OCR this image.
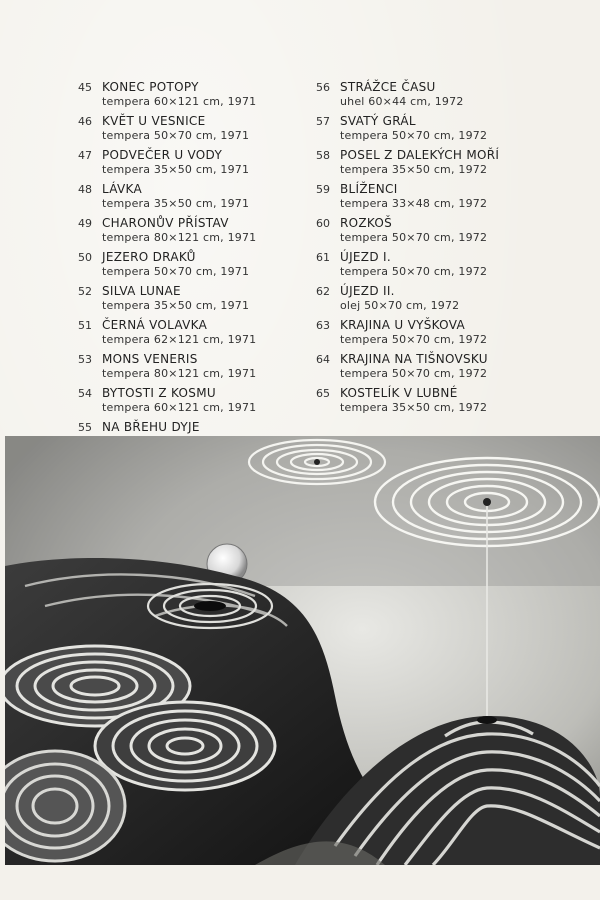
45 KONEC POTOPY
tempera 60×121 cm, 1971
46 KVĚT U VESNICE
tempera 50×70 cm, 1971
47 PODVEČER U VODY
tempera 35×50 cm, 1971
48 LÁVKA
tempera 35×50 cm, 1971
49 CHARONŮV PŘÍSTAV
tempera 80×121 cm, 1971
50 JEZERO DRAKŮ
tempera 50×70 cm, 1971
52 SILVA LUNAE
tempera 35×50 cm, 1971
51 ČERNÁ VOLAVKA
tempera 62×121 cm, 1971
53 MONS VENERIS
tempera 80×121 cm, 1971
54 BYTOSTI Z KOSMU
tempera 60×121 cm, 1971
55 NA BŘEHU DYJE
56 STRÁŽCE ČASU
uhel 60×44 cm, 1972
57 SVATÝ GRÁL
tempera 50×70 cm, 1972
58 POSEL Z DALEKÝCH MOŘÍ
tempera 35×50 cm, 1972
59 BLÍŽENCI
tempera 33×48 cm, 1972
60 ROZKOŠ
tempera 50×70 cm, 1972
61 ÚJEZD I.
tempera 50×70 cm, 1972
62 ÚJEZD II.
olej 50×70 cm, 1972
63 KRAJINA U VYŠKOVA
tempera 50×70 cm, 1972
64 KRAJINA NA TIŠNOVSKU
tempera 50×70 cm, 1972
65 KOSTELÍK V LUBNÉ
tempera 35×50 cm, 1972
